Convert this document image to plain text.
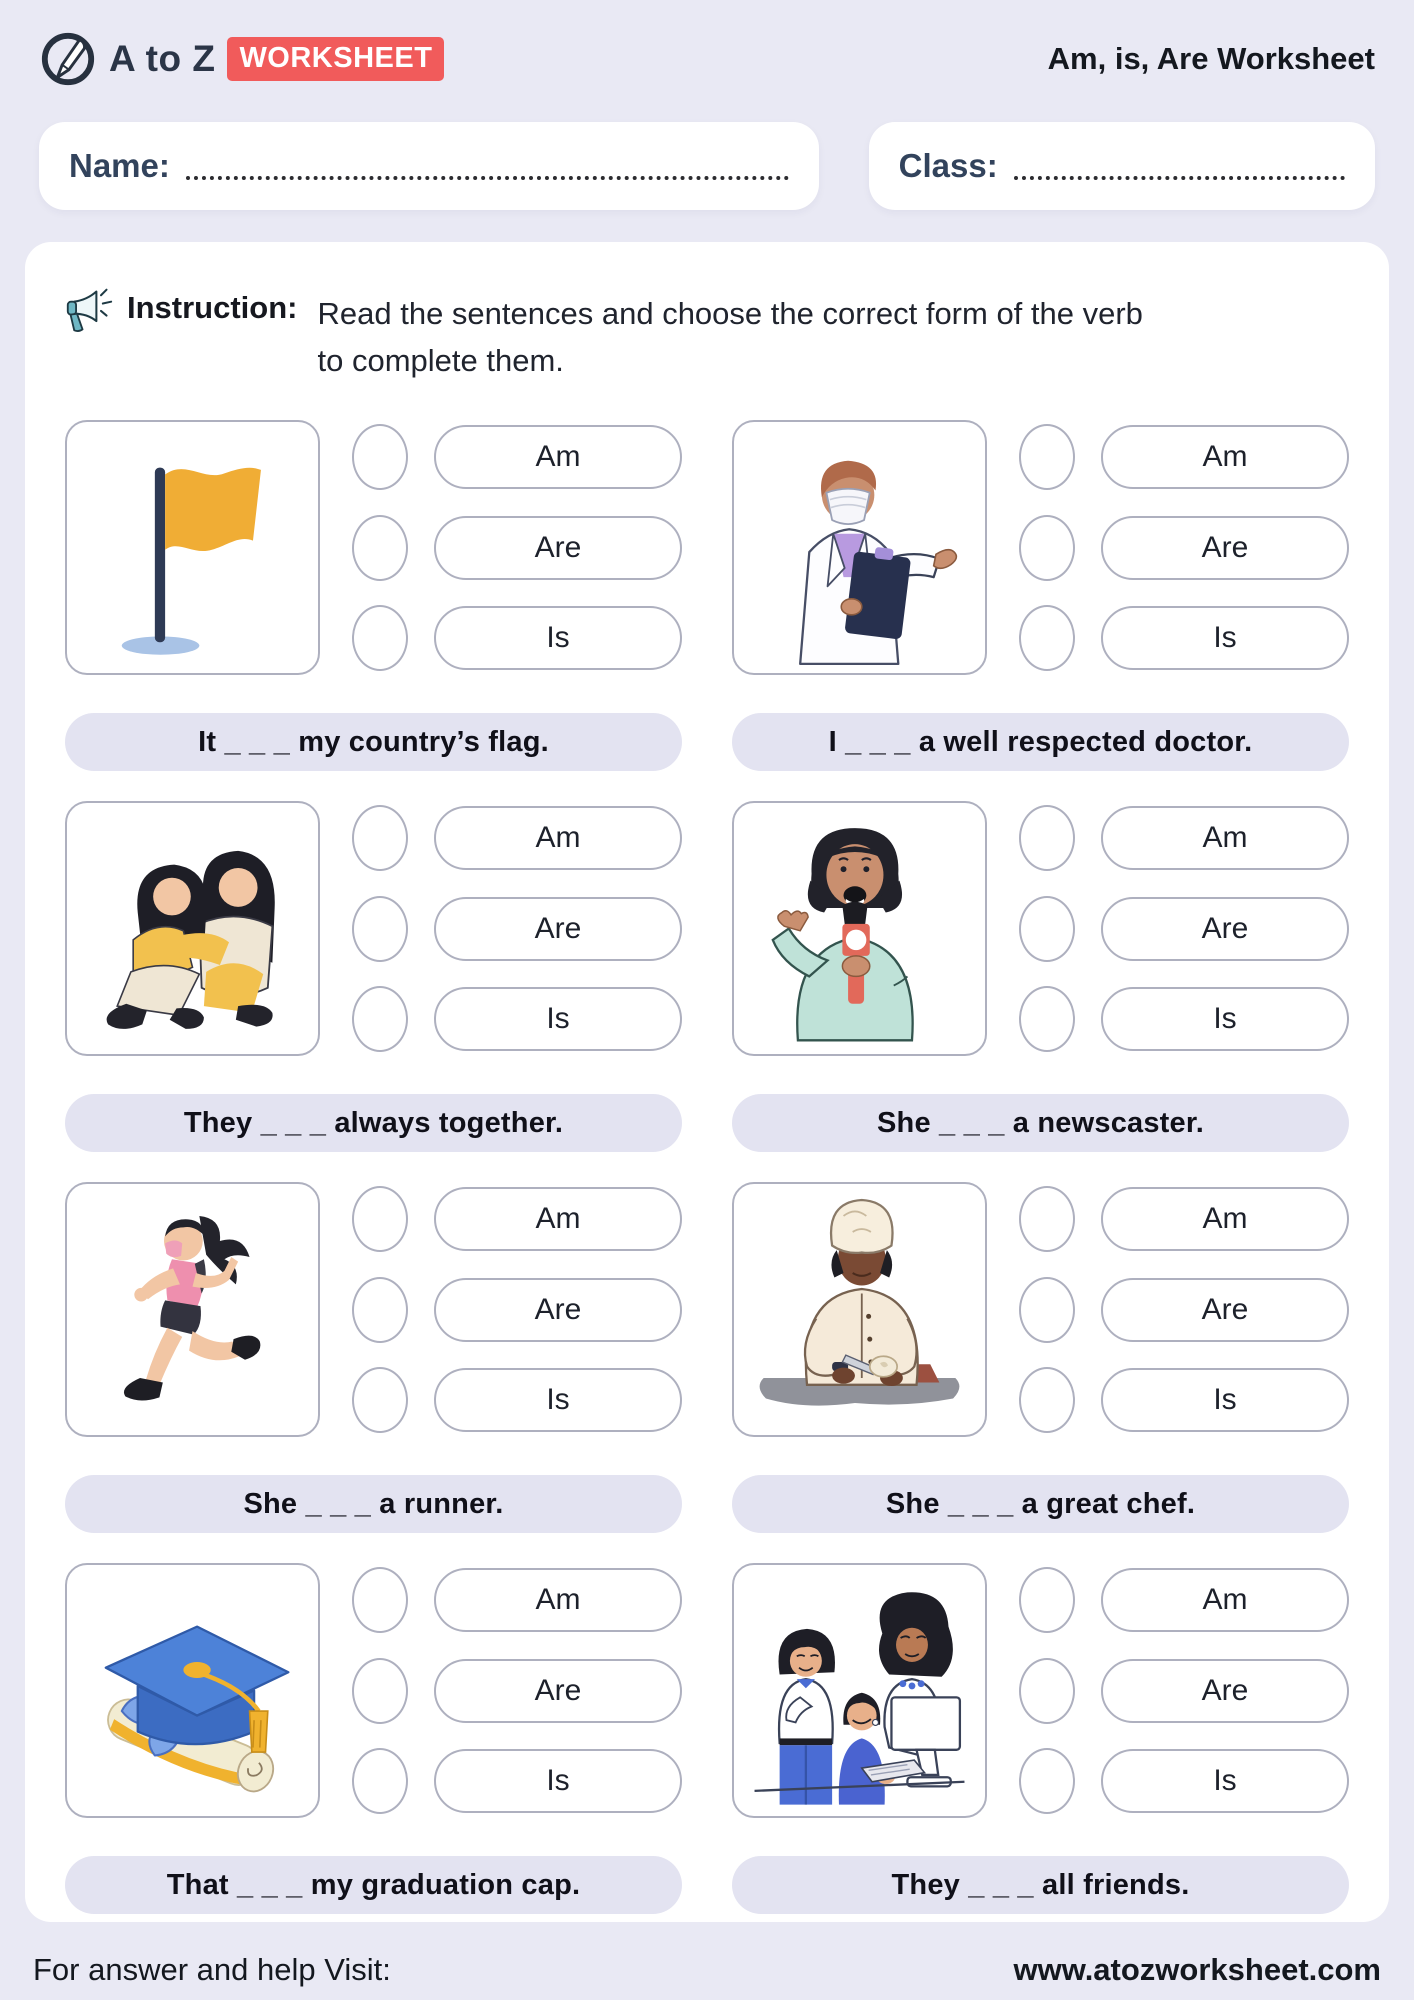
A to Z WORKSHEET	Am, is, Are Worksheet
Name:	Class:
Instruction: Read the sentences and choose the correct form of the verb
to complete them.
Am
Are
Is
It _ _ _ my country’s flag.
Am
Are
Is
I _ _ _ a well respected doctor.
Am
Are
Is
They _ _ _ always together.
Am
Are
Is
She _ _ _ a newscaster.
Am
Are
Is
She _ _ _ a runner.
Am
Are
Is
She _ _ _ a great chef.
Am
Are
Is
That _ _ _ my graduation cap.
Am
Are
Is
They _ _ _ all friends.
For answer and help Visit:	www.atozworksheet.com
